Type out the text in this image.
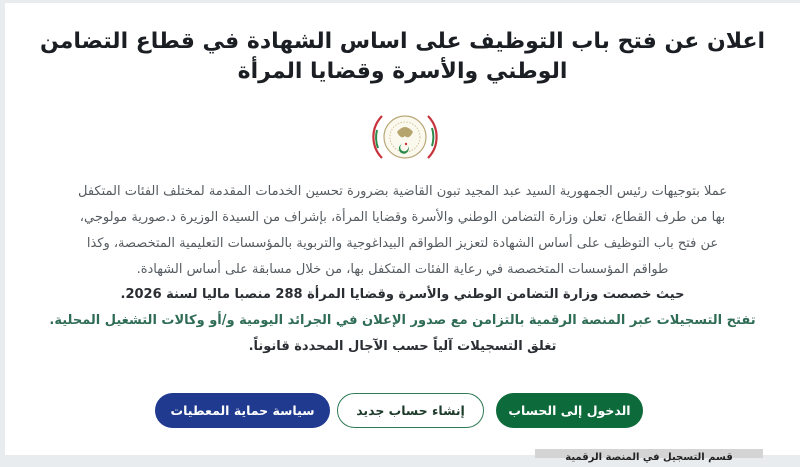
اعلان عن فتح باب التوظيف على اساس الشهادة في قطاع التضامن
الوطني والأسرة وقضايا المرأة

عملا بتوجيهات رئيس الجمهورية السيد عبد المجيد تبون القاضية بضرورة تحسين الخدمات المقدمة لمختلف الفئات المتكفل

بها من طرف القطاع، تعلن وزارة التضامن الوطني والأسرة وقضايا المرأة، بإشراف من السيدة الوزيرة د.صورية مولوجي،

عن فتح باب التوظيف على أساس الشهادة لتعزيز الطواقم البيداغوجية والتربوية بالمؤسسات التعليمية المتخصصة، وكذا

طواقم المؤسسات المتخصصة في رعاية الفئات المتكفل بها، من خلال مسابقة على أساس الشهادة.

حيث خصصت وزارة التضامن الوطني والأسرة وقضايا المرأة 288 منصبا ماليا لسنة 2026.

تفتح التسجيلات عبر المنصة الرقمية بالتزامن مع صدور الإعلان في الجرائد اليومية و/أو وكالات التشغيل المحلية.

تغلق التسجيلات آلياً حسب الآجال المحددة قانوناً.

الدخول إلى الحساب
إنشاء حساب جديد
سياسة حماية المعطيات
قسم التسجيل في المنصة الرقمية
